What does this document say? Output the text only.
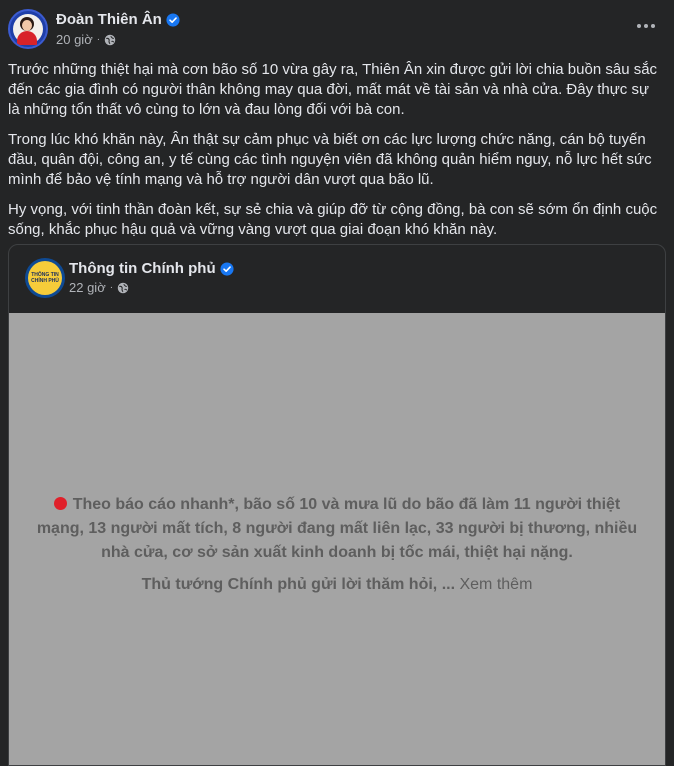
Đoàn Thiên Ân
20 giờ ·

Trước những thiệt hại mà cơn bão số 10 vừa gây ra, Thiên Ân xin được gửi lời chia buồn sâu sắc đến các gia đình có người thân không may qua đời, mất mát về tài sản và nhà cửa. Đây thực sự là những tổn thất vô cùng to lớn và đau lòng đối với bà con.

Trong lúc khó khăn này, Ân thật sự cảm phục và biết ơn các lực lượng chức năng, cán bộ tuyến đầu, quân đội, công an, y tế cùng các tình nguyện viên đã không quản hiểm nguy, nỗ lực hết sức mình để bảo vệ tính mạng và hỗ trợ người dân vượt qua bão lũ.

Hy vọng, với tinh thần đoàn kết, sự sẻ chia và giúp đỡ từ cộng đồng, bà con sẽ sớm ổn định cuộc sống, khắc phục hậu quả và vững vàng vượt qua giai đoạn khó khăn này.

THÔNG TIN CHÍNH PHỦ
Thông tin Chính phủ
22 giờ ·
Theo báo cáo nhanh*, bão số 10 và mưa lũ do bão đã làm 11 người thiệt
mạng, 13 người mất tích, 8 người đang mất liên lạc, 33 người bị thương, nhiều
nhà cửa, cơ sở sản xuất kinh doanh bị tốc mái, thiệt hại nặng.
Thủ tướng Chính phủ gửi lời thăm hỏi, ... Xem thêm
